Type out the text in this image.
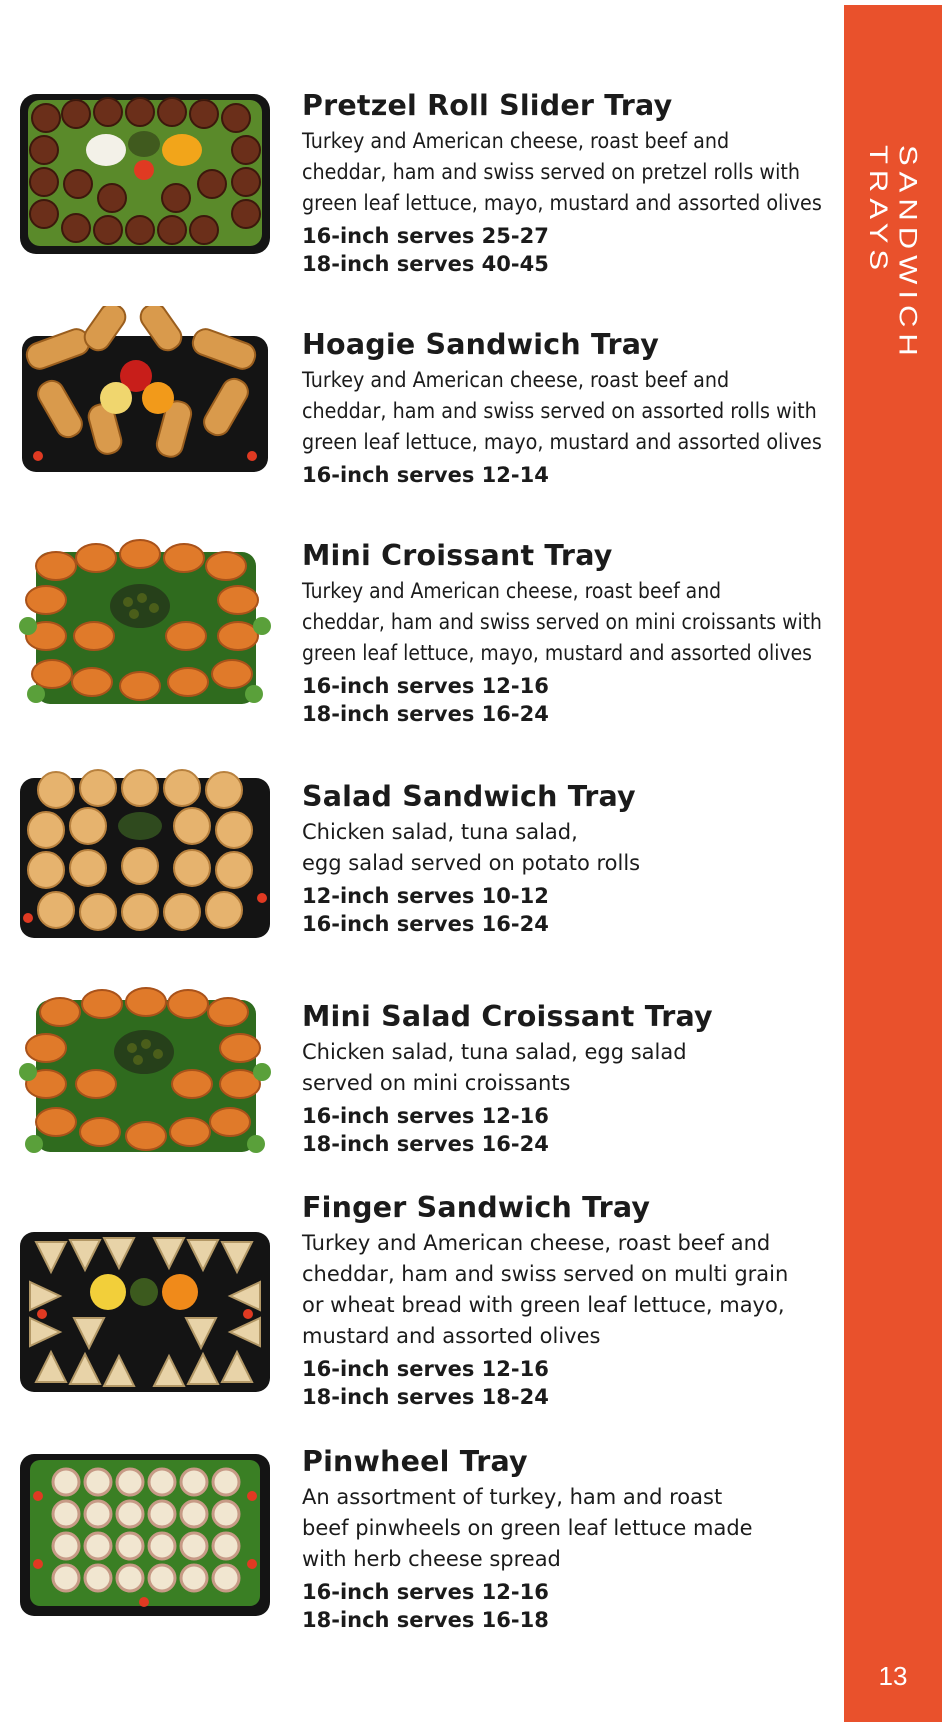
SANDWICH TRAYS
13
Pretzel Roll Slider Tray
Turkey and American cheese, roast beef and
cheddar, ham and swiss served on pretzel rolls with
green leaf lettuce, mayo, mustard and assorted olives
16-inch serves 25-27
18-inch serves 40-45
Hoagie Sandwich Tray
Turkey and American cheese, roast beef and
cheddar, ham and swiss served on assorted rolls with
green leaf lettuce, mayo, mustard and assorted olives
16-inch serves 12-14
Mini Croissant Tray
Turkey and American cheese, roast beef and
cheddar, ham and swiss served on mini croissants with
green leaf lettuce, mayo, mustard and assorted olives
16-inch serves 12-16
18-inch serves 16-24
Salad Sandwich Tray
Chicken salad, tuna salad,
egg salad served on potato rolls
12-inch serves 10-12
16-inch serves 16-24
Mini Salad Croissant Tray
Chicken salad, tuna salad, egg salad
served on mini croissants
16-inch serves 12-16
18-inch serves 16-24
Finger Sandwich Tray
Turkey and American cheese, roast beef and
cheddar, ham and swiss served on multi grain
or wheat bread with green leaf lettuce, mayo,
mustard and assorted olives
16-inch serves 12-16
18-inch serves 18-24
Pinwheel Tray
An assortment of turkey, ham and roast
beef pinwheels on green leaf lettuce made
with herb cheese spread
16-inch serves 12-16
18-inch serves 16-18
